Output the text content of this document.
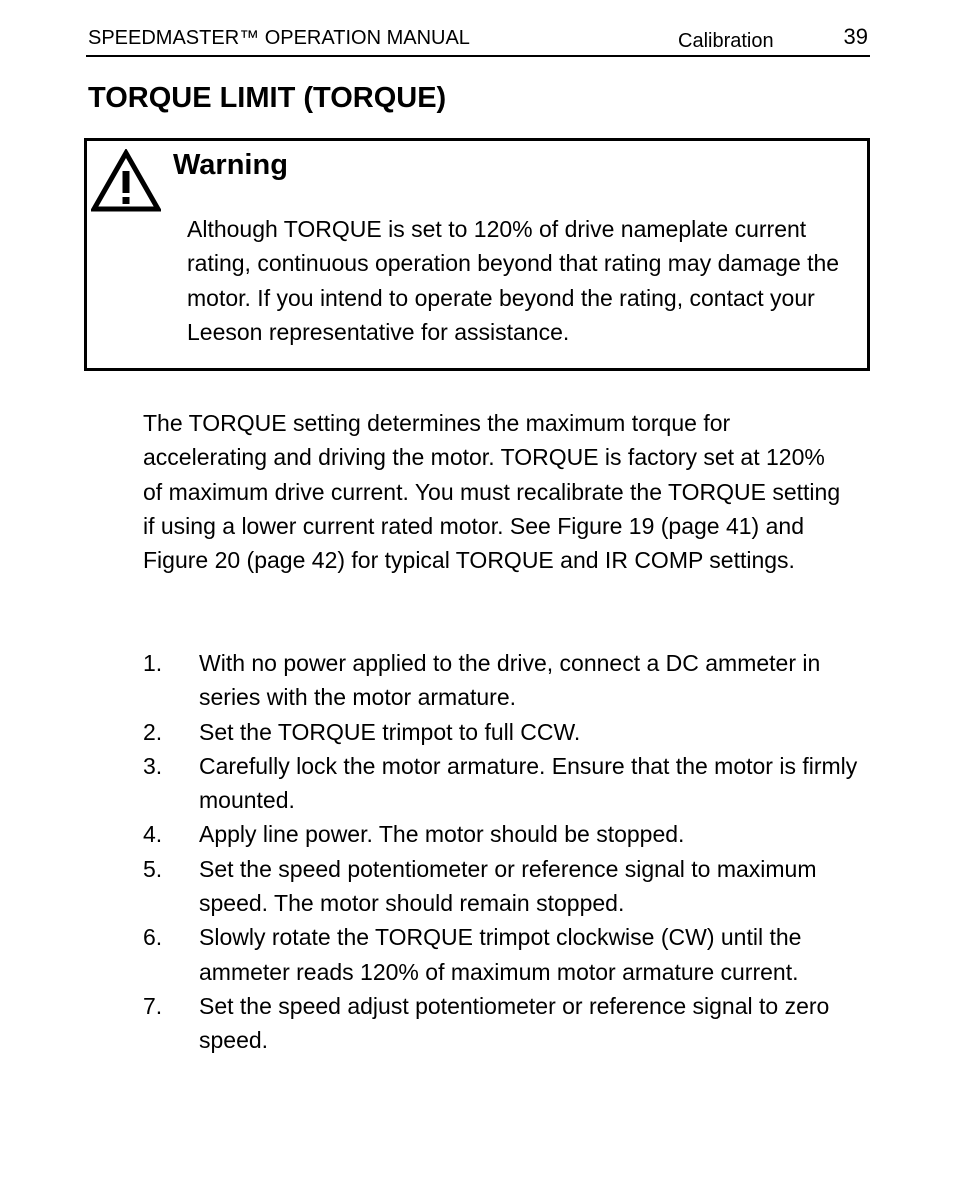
SPEEDMASTER™ OPERATION MANUAL	Calibration	39
TORQUE LIMIT (TORQUE)
Warning

Although TORQUE is set to 120% of drive nameplate current rating, continuous operation beyond that rating may damage the motor. If you intend to operate beyond the rating, contact your Leeson representative for assistance.

The TORQUE setting determines the maximum torque for accelerating and driving the motor. TORQUE is factory set at 120% of maximum drive current. You must recalibrate the TORQUE setting if using a lower current rated motor. See Figure 19 (page 41) and Figure 20 (page 42) for typical TORQUE and IR COMP settings.

1. With no power applied to the drive, connect a DC ammeter in series with the motor armature.
2. Set the TORQUE trimpot to full CCW.
3. Carefully lock the motor armature. Ensure that the motor is firmly mounted.
4. Apply line power. The motor should be stopped.
5. Set the speed potentiometer or reference signal to maximum speed. The motor should remain stopped.
6. Slowly rotate the TORQUE trimpot clockwise (CW) until the ammeter reads 120% of maximum motor armature current.
7. Set the speed adjust potentiometer or reference signal to zero speed.
